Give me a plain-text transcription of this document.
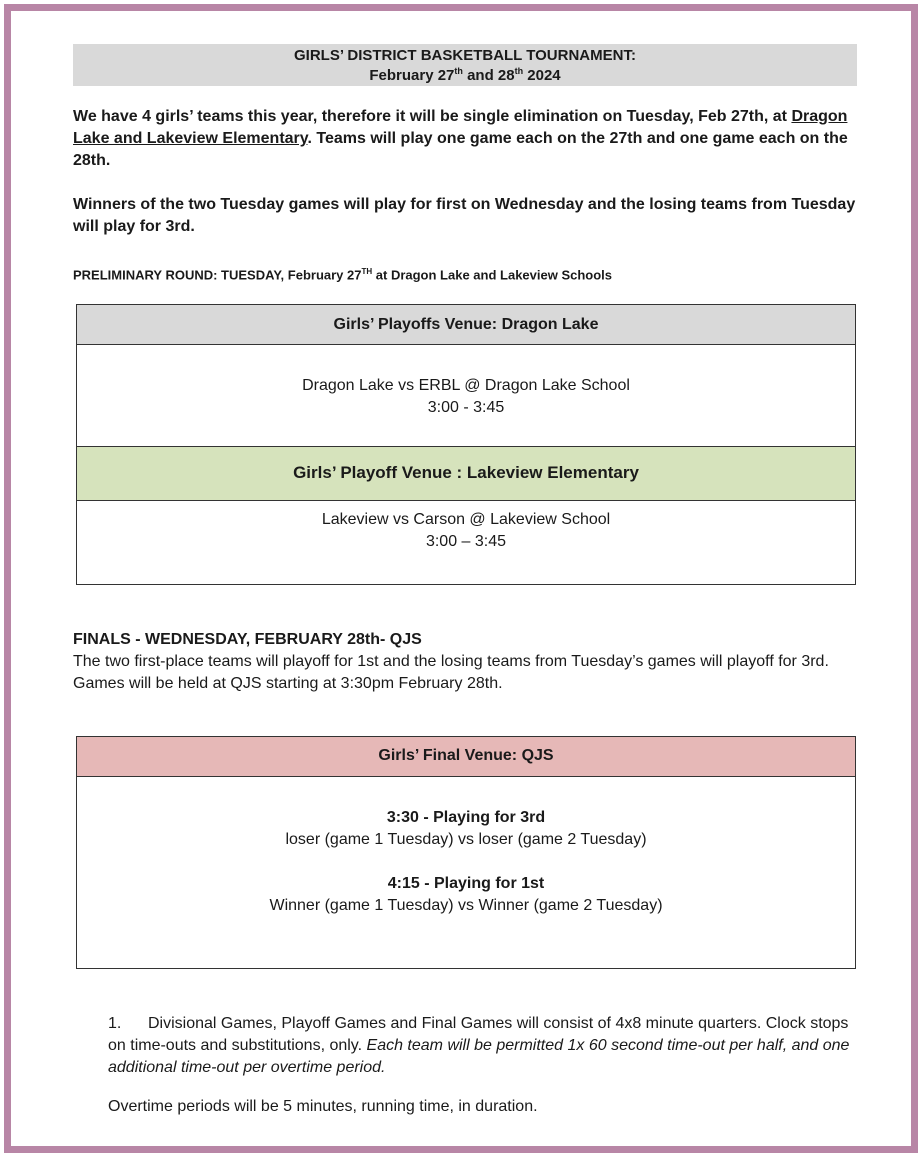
GIRLS’ DISTRICT BASKETBALL TOURNAMENT:
February 27th and 28th 2024
We have 4 girls’ teams this year, therefore it will be single elimination on Tuesday, Feb 27th, at Dragon Lake and Lakeview Elementary. Teams will play one game each on the 27th and one game each on the 28th.
Winners of the two Tuesday games will play for first on Wednesday and the losing teams from Tuesday will play for 3rd.
PRELIMINARY ROUND: TUESDAY, February 27TH at Dragon Lake and Lakeview Schools
Girls’ Playoffs Venue: Dragon Lake
Dragon Lake vs ERBL @ Dragon Lake School
3:00 - 3:45
Girls’ Playoff Venue : Lakeview Elementary
Lakeview vs Carson @ Lakeview School
3:00 – 3:45
FINALS - WEDNESDAY, FEBRUARY 28th- QJS
The two first-place teams will playoff for 1st and the losing teams from Tuesday’s games will playoff for 3rd. Games will be held at QJS starting at 3:30pm February 28th.
Girls’ Final Venue: QJS
3:30 - Playing for 3rd
loser (game 1 Tuesday) vs loser (game 2 Tuesday)
4:15 - Playing for 1st
Winner (game 1 Tuesday) vs Winner (game 2 Tuesday)
1. Divisional Games, Playoff Games and Final Games will consist of 4x8 minute quarters. Clock stops on time-outs and substitutions, only. Each team will be permitted 1x 60 second time-out per half, and one additional time-out per overtime period.
Overtime periods will be 5 minutes, running time, in duration.
